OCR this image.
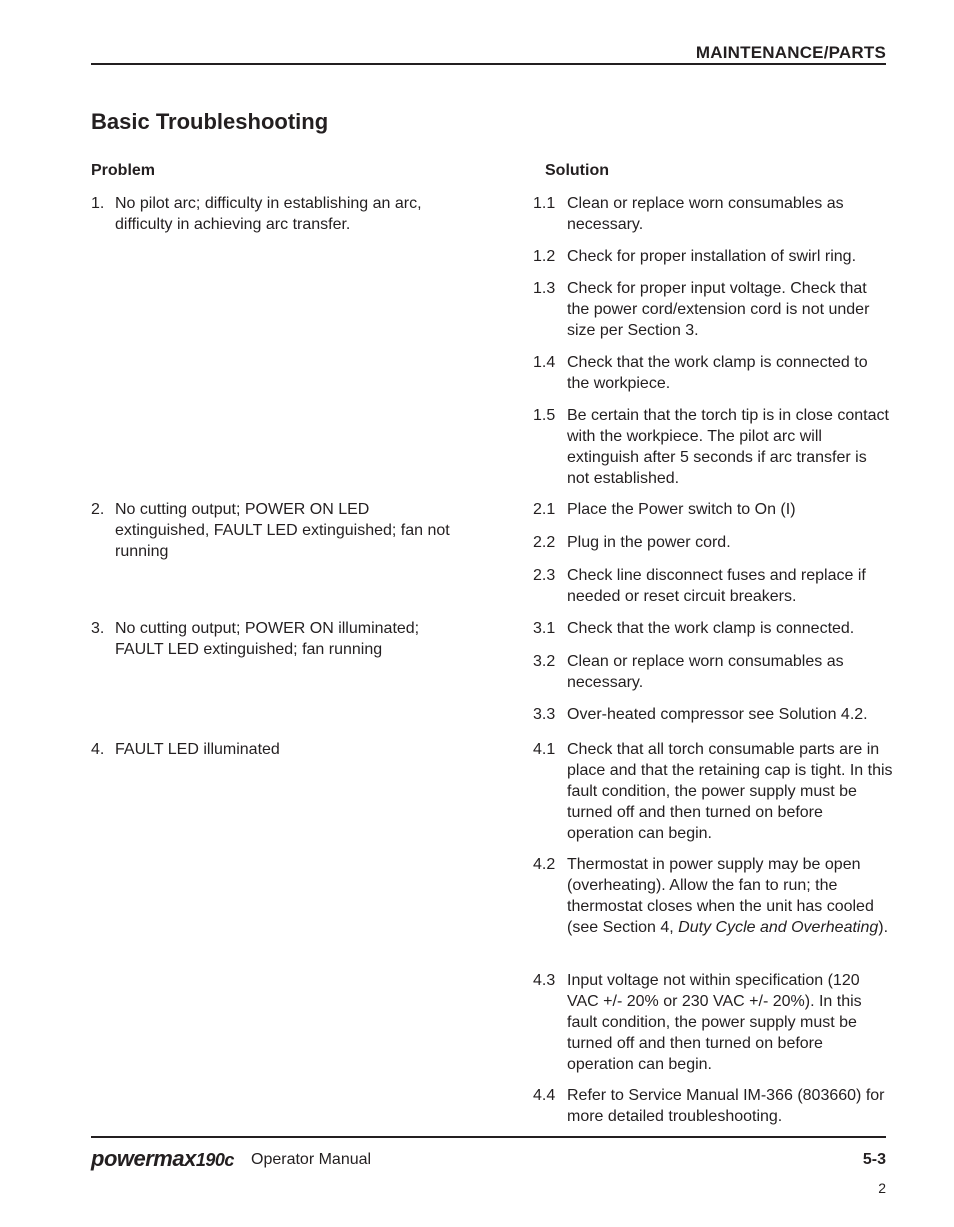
MAINTENANCE/PARTS
Basic Troubleshooting
Problem	Solution
1. No pilot arc; difficulty in establishing an arc, difficulty in achieving arc transfer.
2. No cutting output; POWER ON LED extinguished, FAULT LED extinguished; fan not running
3. No cutting output; POWER ON illuminated; FAULT LED extinguished; fan running
4. FAULT LED illuminated
1.1 Clean or replace worn consumables as necessary.
1.2 Check for proper installation of swirl ring.
1.3 Check for proper input voltage. Check that the power cord/extension cord is not under size per Section 3.
1.4 Check that the work clamp is connected to the workpiece.
1.5 Be certain that the torch tip is in close contact with the workpiece. The pilot arc will extinguish after 5 seconds if arc transfer is not established.
2.1 Place the Power switch to On (I)
2.2 Plug in the power cord.
2.3 Check line disconnect fuses and replace if needed or reset circuit breakers.
3.1 Check that the work clamp is connected.
3.2 Clean or replace worn consumables as necessary.
3.3 Over-heated compressor see Solution 4.2.
4.1 Check that all torch consumable parts are in place and that the retaining cap is tight. In this fault condition, the power supply must be turned off and then turned on before operation can begin.
4.2 Thermostat in power supply may be open (overheating). Allow the fan to run; the thermostat closes when the unit has cooled (see Section 4, Duty Cycle and Overheating).
4.3 Input voltage not within specification (120 VAC +/- 20% or 230 VAC +/- 20%). In this fault condition, the power supply must be turned off and then turned on before operation can begin.
4.4 Refer to Service Manual IM-366 (803660) for more detailed troubleshooting.
powermax190c Operator Manual	5-3
2
